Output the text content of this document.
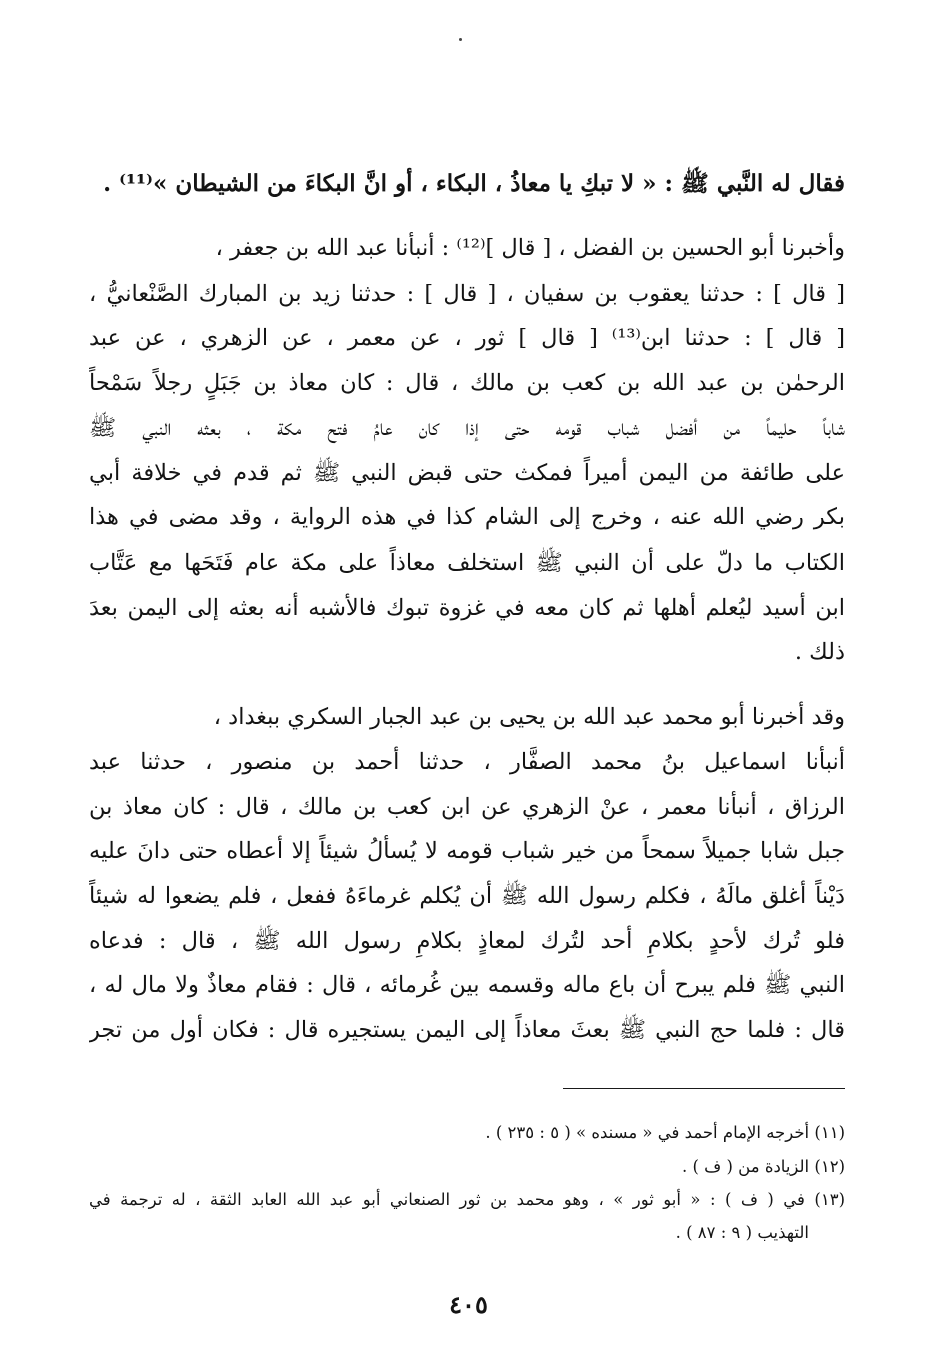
فقال له النَّبي ﷺ : « لا تبكِ يا معاذُ ، البكاء ، أو انَّ البكاءَ من الشيطان »⁽¹¹⁾ .
وأخبرنا أبو الحسين بن الفضل ، [ قال ]⁽¹²⁾ : أنبأنا عبد الله بن جعفر ،
[ قال ] : حدثنا يعقوب بن سفيان ، [ قال ] : حدثنا زيد بن المبارك الصَّنْعانيُّ ،
[ قال ] : حدثنا ابن⁽¹³⁾ [ قال ] ثور ، عن معمر ، عن الزهري ، عن عبد
الرحمٰن بن عبد الله بن كعب بن مالك ، قال : كان معاذ بن جَبَلٍ رجلاً سَمْحاً
شاباً حليماً من أفضل شباب قومه حتى إذا كان عامُ فتح مكة ، بعثه النبي ﷺ
على طائفة من اليمن أميراً فمكث حتى قبض النبي ﷺ ثم قدم في خلافة أبي
بكر رضي الله عنه ، وخرج إلى الشام كذا في هذه الرواية ، وقد مضى في هذا
الكتاب ما دلّ على أن النبي ﷺ استخلف معاذاً على مكة عام فَتَحَها مع عَتَّاب
ابن أسيد ليُعلم أهلها ثم كان معه في غزوة تبوك فالأشبه أنه بعثه إلى اليمن بعدَ
ذلك .
وقد أخبرنا أبو محمد عبد الله بن يحيى بن عبد الجبار السكري ببغداد ،
أنبأنا اسماعيل بنُ محمد الصفَّار ، حدثنا أحمد بن منصور ، حدثنا عبد
الرزاق ، أنبأنا معمر ، عنْ الزهري عن ابن كعب بن مالك ، قال : كان معاذ بن
جبل شابا جميلاً سمحاً من خير شباب قومه لا يُسألُ شيئاً إلا أعطاه حتى دانَ عليه
دَيْناً أغلق مالَهُ ، فكلم رسول الله ﷺ أن يُكلم غرماءَهُ ففعل ، فلم يضعوا له شيئاً
فلو تُرك لأحدٍ بكلامِ أحد لتُرك لمعاذٍ بكلامِ رسول الله ﷺ ، قال : فدعاه
النبي ﷺ فلم يبرح أن باع ماله وقسمه بين غُرمائه ، قال : فقام معاذٌ ولا مال له ،
قال : فلما حج النبي ﷺ بعثَ معاذاً إلى اليمن يستجيره قال : فكان أول من تجر
(١١) أخرجه الإمام أحمد في « مسنده » ( ٥ : ٢٣٥ ) .
(١٢) الزيادة من ( ف ) .
(١٣) في ( ف ) : « أبو ثور » ، وهو محمد بن ثور الصنعاني أبو عبد الله العابد الثقة ، له ترجمة في
التهذيب ( ٩ : ٨٧ ) .
٤٠٥
